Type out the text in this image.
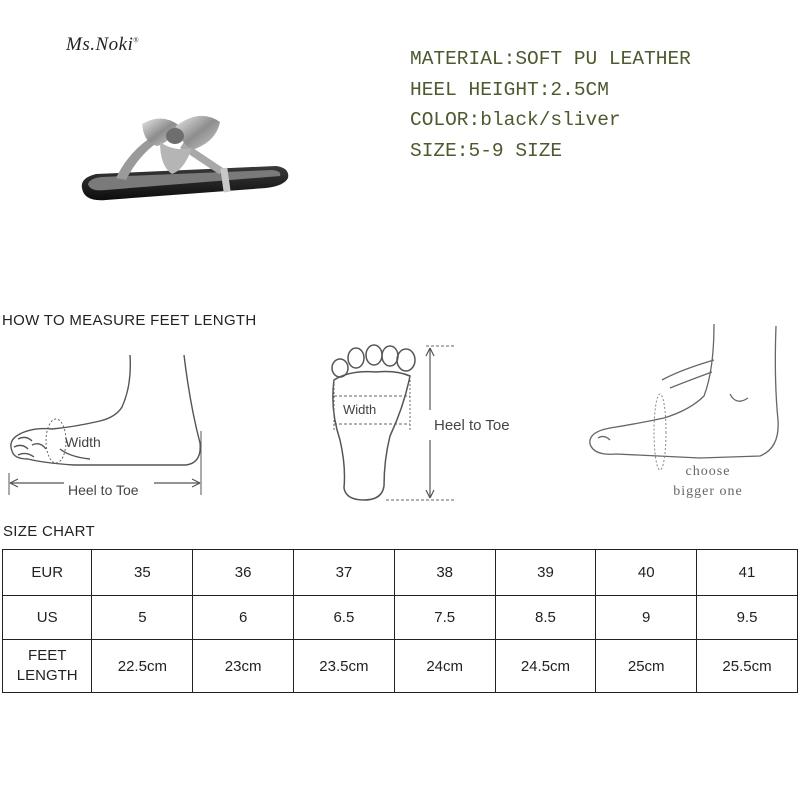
Ms.Noki®
MATERIAL:SOFT PU LEATHER
HEEL HEIGHT:2.5CM
COLOR:black/sliver
SIZE:5-9 SIZE
HOW TO MEASURE FEET LENGTH
Width
Heel to Toe
Width
Heel to Toe
choose
bigger one
SIZE CHART
EUR	35	36	37	38	39	40	41
US	5	6	6.5	7.5	8.5	9	9.5
FEET
LENGTH	22.5cm	23cm	23.5cm	24cm	24.5cm	25cm	25.5cm
